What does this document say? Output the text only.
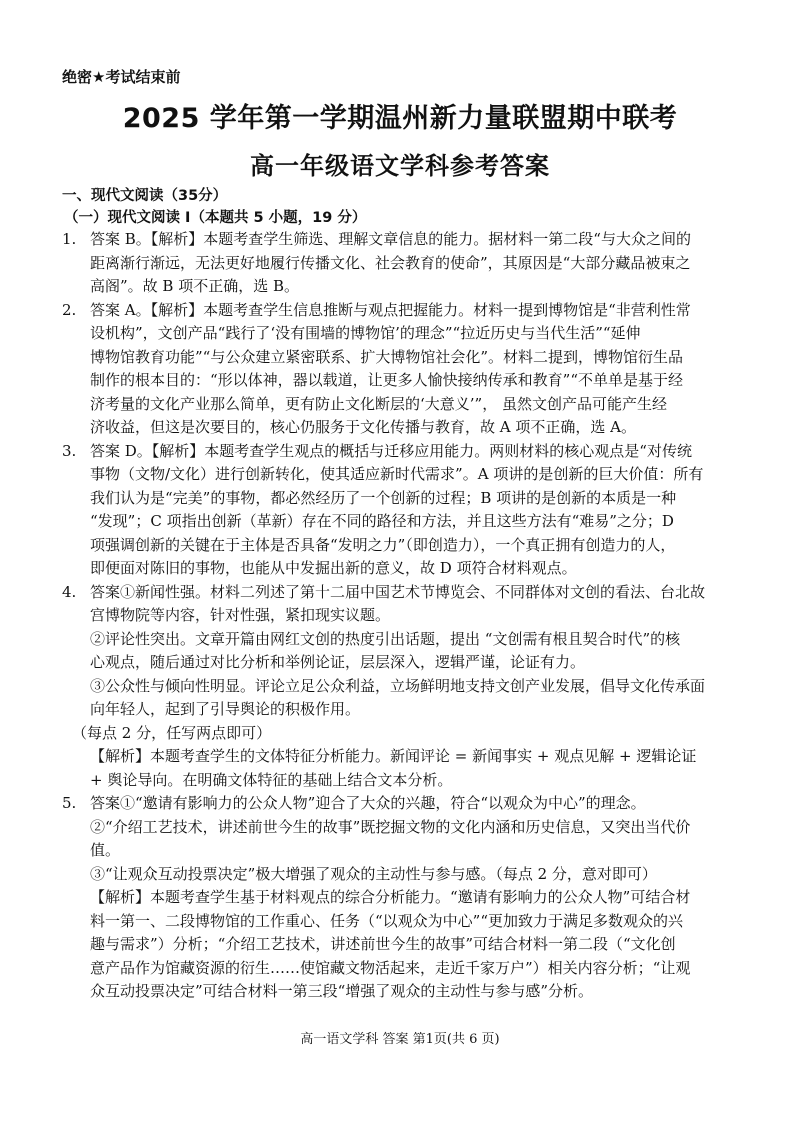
绝密★考试结束前
2025 学年第一学期温州新力量联盟期中联考
高一年级语文学科参考答案
一、现代文阅读（35分）
（一）现代文阅读 I（本题共 5 小题，19 分）
1. 答案 B。【解析】本题考查学生筛选、理解文章信息的能力。据材料一第二段“与大众之间的

距离渐行渐远，无法更好地履行传播文化、社会教育的使命”，其原因是“大部分藏品被束之

高阁”。故 B 项不正确，选 B。

2. 答案 A。【解析】本题考查学生信息推断与观点把握能力。材料一提到博物馆是“非营利性常

设机构”，文创产品“践行了‘没有围墙的博物馆’的理念”“拉近历史与当代生活”“延伸

博物馆教育功能”“与公众建立紧密联系、扩大博物馆社会化”。材料二提到，博物馆衍生品

制作的根本目的：“形以体神，器以载道，让更多人愉快接纳传承和教育”“不单单是基于经

济考量的文化产业那么简单，更有防止文化断层的‘大意义’”， 虽然文创产品可能产生经

济收益，但这是次要目的，核心仍服务于文化传播与教育，故 A 项不正确，选 A。

3. 答案 D。【解析】本题考查学生观点的概括与迁移应用能力。两则材料的核心观点是“对传统

事物（文物/文化）进行创新转化，使其适应新时代需求”。A 项讲的是创新的巨大价值：所有

我们认为是“完美”的事物，都必然经历了一个创新的过程；B 项讲的是创新的本质是一种

“发现”；C 项指出创新（革新）存在不同的路径和方法，并且这些方法有“难易”之分；D

项强调创新的关键在于主体是否具备“发明之力”（即创造力），一个真正拥有创造力的人，

即便面对陈旧的事物，也能从中发掘出新的意义，故 D 项符合材料观点。

4. 答案①新闻性强。材料二列述了第十二届中国艺术节博览会、不同群体对文创的看法、台北故

宫博物院等内容，针对性强，紧扣现实议题。

②评论性突出。文章开篇由网红文创的热度引出话题，提出 “文创需有根且契合时代”的核

心观点，随后通过对比分析和举例论证，层层深入，逻辑严谨，论证有力。

③公众性与倾向性明显。评论立足公众利益，立场鲜明地支持文创产业发展，倡导文化传承面

向年轻人，起到了引导舆论的积极作用。

（每点 2 分，任写两点即可）

【解析】本题考查学生的文体特征分析能力。新闻评论 = 新闻事实 + 观点见解 + 逻辑论证

+ 舆论导向。在明确文体特征的基础上结合文本分析。

5. 答案①“邀请有影响力的公众人物”迎合了大众的兴趣，符合“以观众为中心”的理念。

②“介绍工艺技术，讲述前世今生的故事”既挖掘文物的文化内涵和历史信息，又突出当代价

值。

③“让观众互动投票决定”极大增强了观众的主动性与参与感。（每点 2 分，意对即可）

【解析】本题考查学生基于材料观点的综合分析能力。“邀请有影响力的公众人物”可结合材

料一第一、二段博物馆的工作重心、任务（“以观众为中心”“更加致力于满足多数观众的兴

趣与需求”）分析；“介绍工艺技术，讲述前世今生的故事”可结合材料一第二段（“文化创

意产品作为馆藏资源的衍生……使馆藏文物活起来，走近千家万户”）相关内容分析；“让观

众互动投票决定”可结合材料一第三段“增强了观众的主动性与参与感”分析。

高一语文学科 答案 第1页(共 6 页)
